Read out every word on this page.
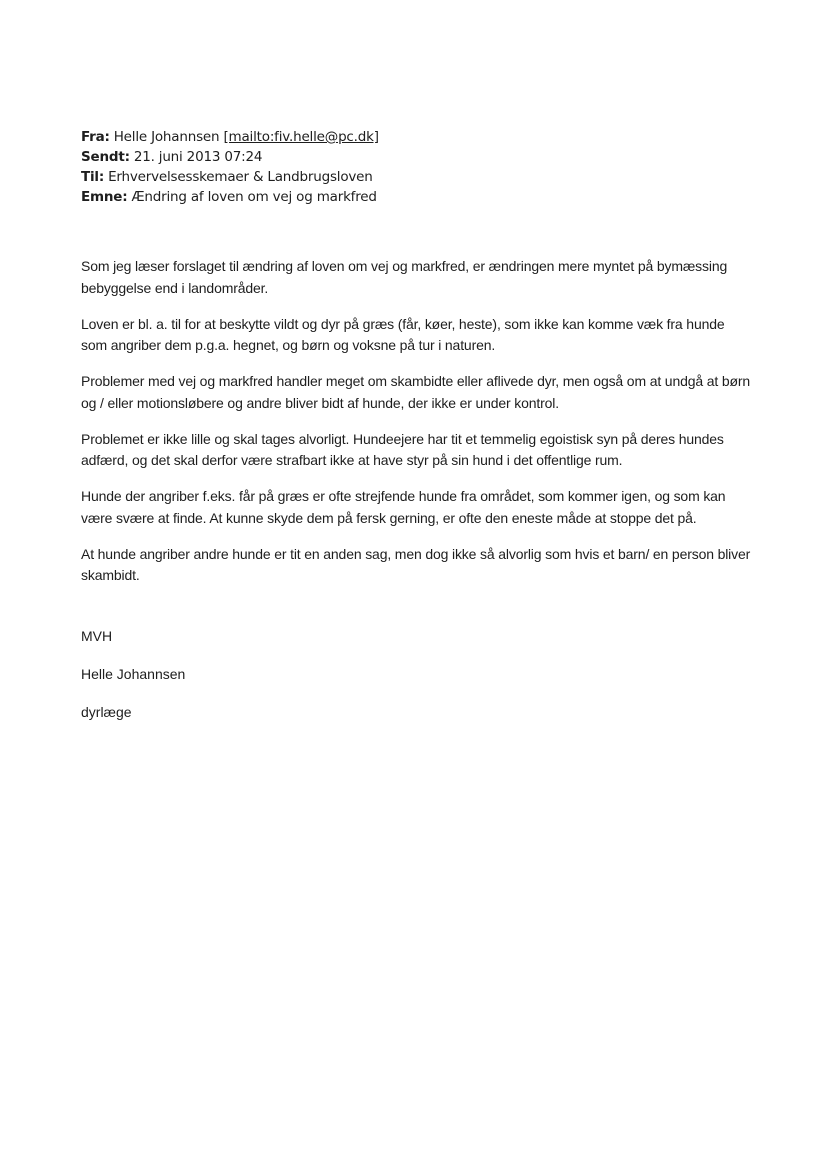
Fra: Helle Johannsen [mailto:fiv.helle@pc.dk]
Sendt: 21. juni 2013 07:24
Til: Erhvervelsesskemaer & Landbrugsloven
Emne: Ændring af loven om vej og markfred

Som jeg læser forslaget til ændring af loven om vej og markfred, er ændringen mere myntet på bymæssing bebyggelse end i landområder.

Loven er bl. a. til for at beskytte vildt og dyr på græs (får, køer, heste), som ikke kan komme væk fra hunde som angriber dem p.g.a. hegnet, og børn og voksne på tur i naturen.

Problemer med vej og markfred handler meget om skambidte eller aflivede dyr, men også om at undgå at børn og / eller motionsløbere og andre bliver bidt af hunde, der ikke er under kontrol.

Problemet er ikke lille og skal tages alvorligt. Hundeejere har tit et temmelig egoistisk syn på deres hundes adfærd, og det skal derfor være strafbart ikke at have styr på sin hund i det offentlige rum.

Hunde der angriber f.eks. får på græs er ofte strejfende hunde fra området, som kommer igen, og som kan være svære at finde. At kunne skyde dem på fersk gerning, er ofte den eneste måde at stoppe det på.

At hunde angriber andre hunde er tit en anden sag, men dog ikke så alvorlig som hvis et barn/ en person bliver skambidt.

MVH

Helle Johannsen

dyrlæge
